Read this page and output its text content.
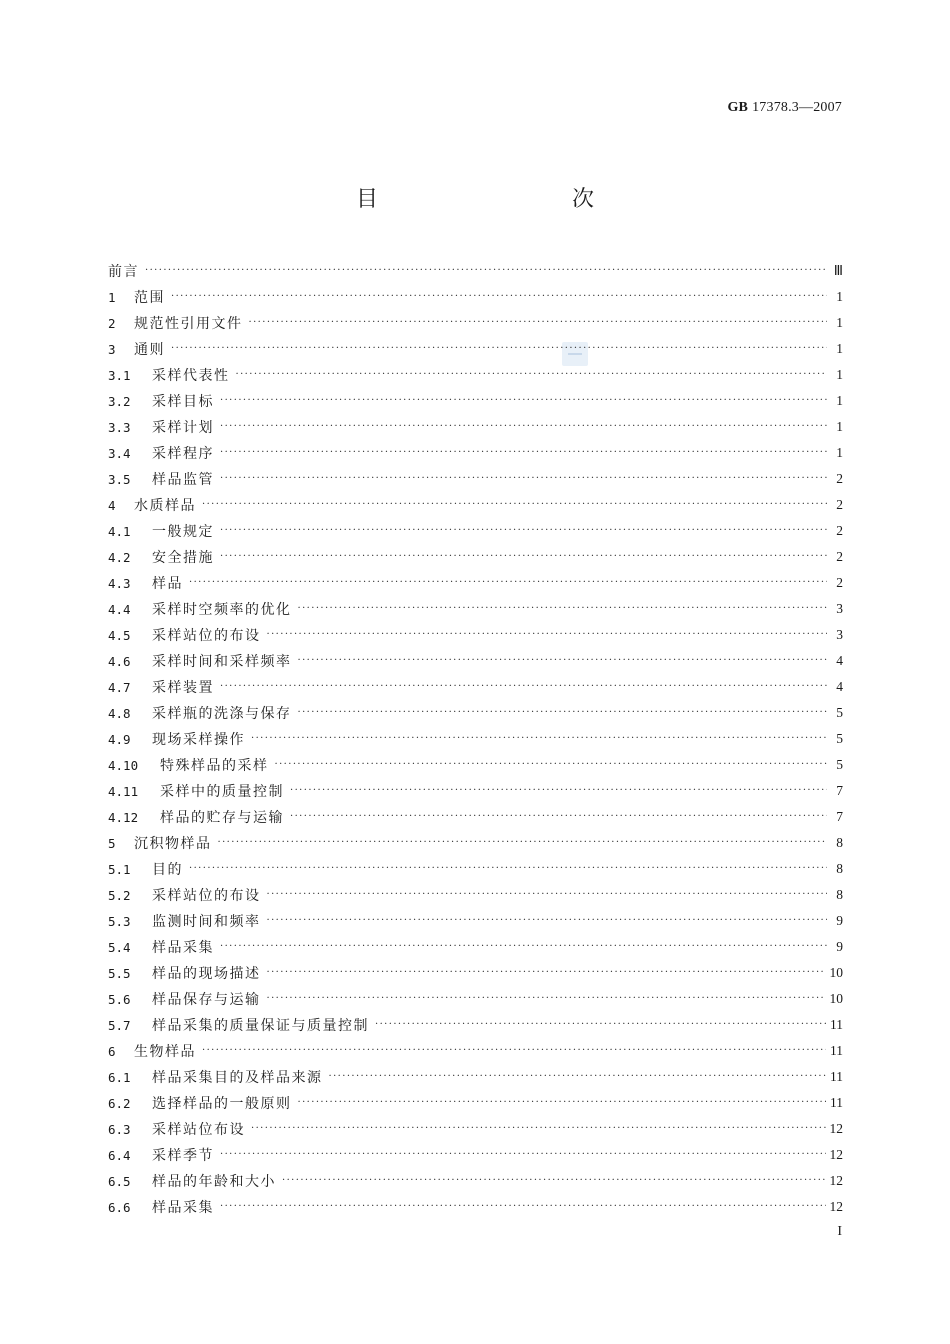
GB 17378.3—2007
目　　次
前言 ·····	Ⅲ
1	范围 ·····	1
2	规范性引用文件 ·····	1
3	通则 ·····	1
3.1	采样代表性 ·····	1
3.2	采样目标 ·····	1
3.3	采样计划 ·····	1
3.4	采样程序 ·····	1
3.5	样品监管 ·····	2
4	水质样品 ·····	2
4.1	一般规定 ·····	2
4.2	安全措施 ·····	2
4.3	样品 ·····	2
4.4	采样时空频率的优化 ·····	3
4.5	采样站位的布设 ·····	3
4.6	采样时间和采样频率 ·····	4
4.7	采样装置 ·····	4
4.8	采样瓶的洗涤与保存 ·····	5
4.9	现场采样操作 ·····	5
4.10	特殊样品的采样 ·····	5
4.11	采样中的质量控制 ·····	7
4.12	样品的贮存与运输 ·····	7
5	沉积物样品 ·····	8
5.1	目的 ·····	8
5.2	采样站位的布设 ·····	8
5.3	监测时间和频率 ·····	9
5.4	样品采集 ·····	9
5.5	样品的现场描述 ·····	10
5.6	样品保存与运输 ·····	10
5.7	样品采集的质量保证与质量控制 ·····	11
6	生物样品 ·····	11
6.1	样品采集目的及样品来源 ·····	11
6.2	选择样品的一般原则 ·····	11
6.3	采样站位布设 ·····	12
6.4	采样季节 ·····	12
6.5	样品的年龄和大小 ·····	12
6.6	样品采集 ·····	12
I
